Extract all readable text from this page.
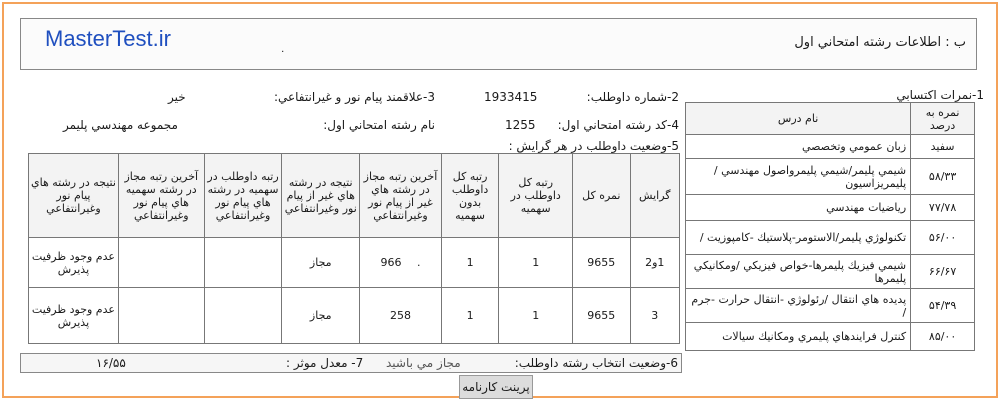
ب : اطلاعات رشته امتحاني اول
MasterTest.ir
٠
1-نمرات اكتسابي
2-شماره داوطلب:
1933415
3-علاقمند پيام نور و غيرانتفاعي:
خير
4-كد رشته امتحاني اول:
1255
نام رشته امتحاني اول:
مجموعه مهندسي پليمر
5-وضعيت داوطلب در هر گرايش :
نام درس	نمره به درصد
زبان عمومي وتخصصي	سفيد
شيمي پليمر/شيمي پليمرواصول مهندسي / پليمريزاسيون	۵۸/۳۳
رياضيات مهندسي	۷۷/۷۸
تكنولوژي پليمر/الاستومر-پلاستيك -كامپوزيت /	۵۶/۰۰
شيمي فيزيك پليمرها-خواص فيزيكي /ومكانيكي پليمرها	۶۶/۶۷
پديده هاي انتقال /رئولوژي -انتقال حرارت -جرم /	۵۴/۳۹
كنترل فرايندهاي پليمري ومكانيك سيالات	۸۵/۰۰
گرايش	نمره كل	رتبه كل داوطلب در سهميه	رتبه كل داوطلب بدون سهميه	آخرين رتبه مجاز در رشته هاي غير از پيام نور وغيرانتفاعي	نتيجه در رشته هاي غير از پيام نور وغيرانتفاعي	رتبه داوطلب در سهميه در رشته هاي پيام نور وغيرانتفاعي	آخرين رتبه مجاز در رشته سهميه هاي پيام نور وغيرانتفاعي	نتيجه در رشته هاي پيام نور وغيرانتفاعي
1و2	9655	1	1	. 966	مجاز			عدم وجود ظرفيت پذيرش
3	9655	1	1	258	مجاز			عدم وجود ظرفيت پذيرش
6-وضعيت انتخاب رشته داوطلب:
مجاز مي باشيد
7- معدل موثر :
۱۶/۵۵
پرينت كارنامه
